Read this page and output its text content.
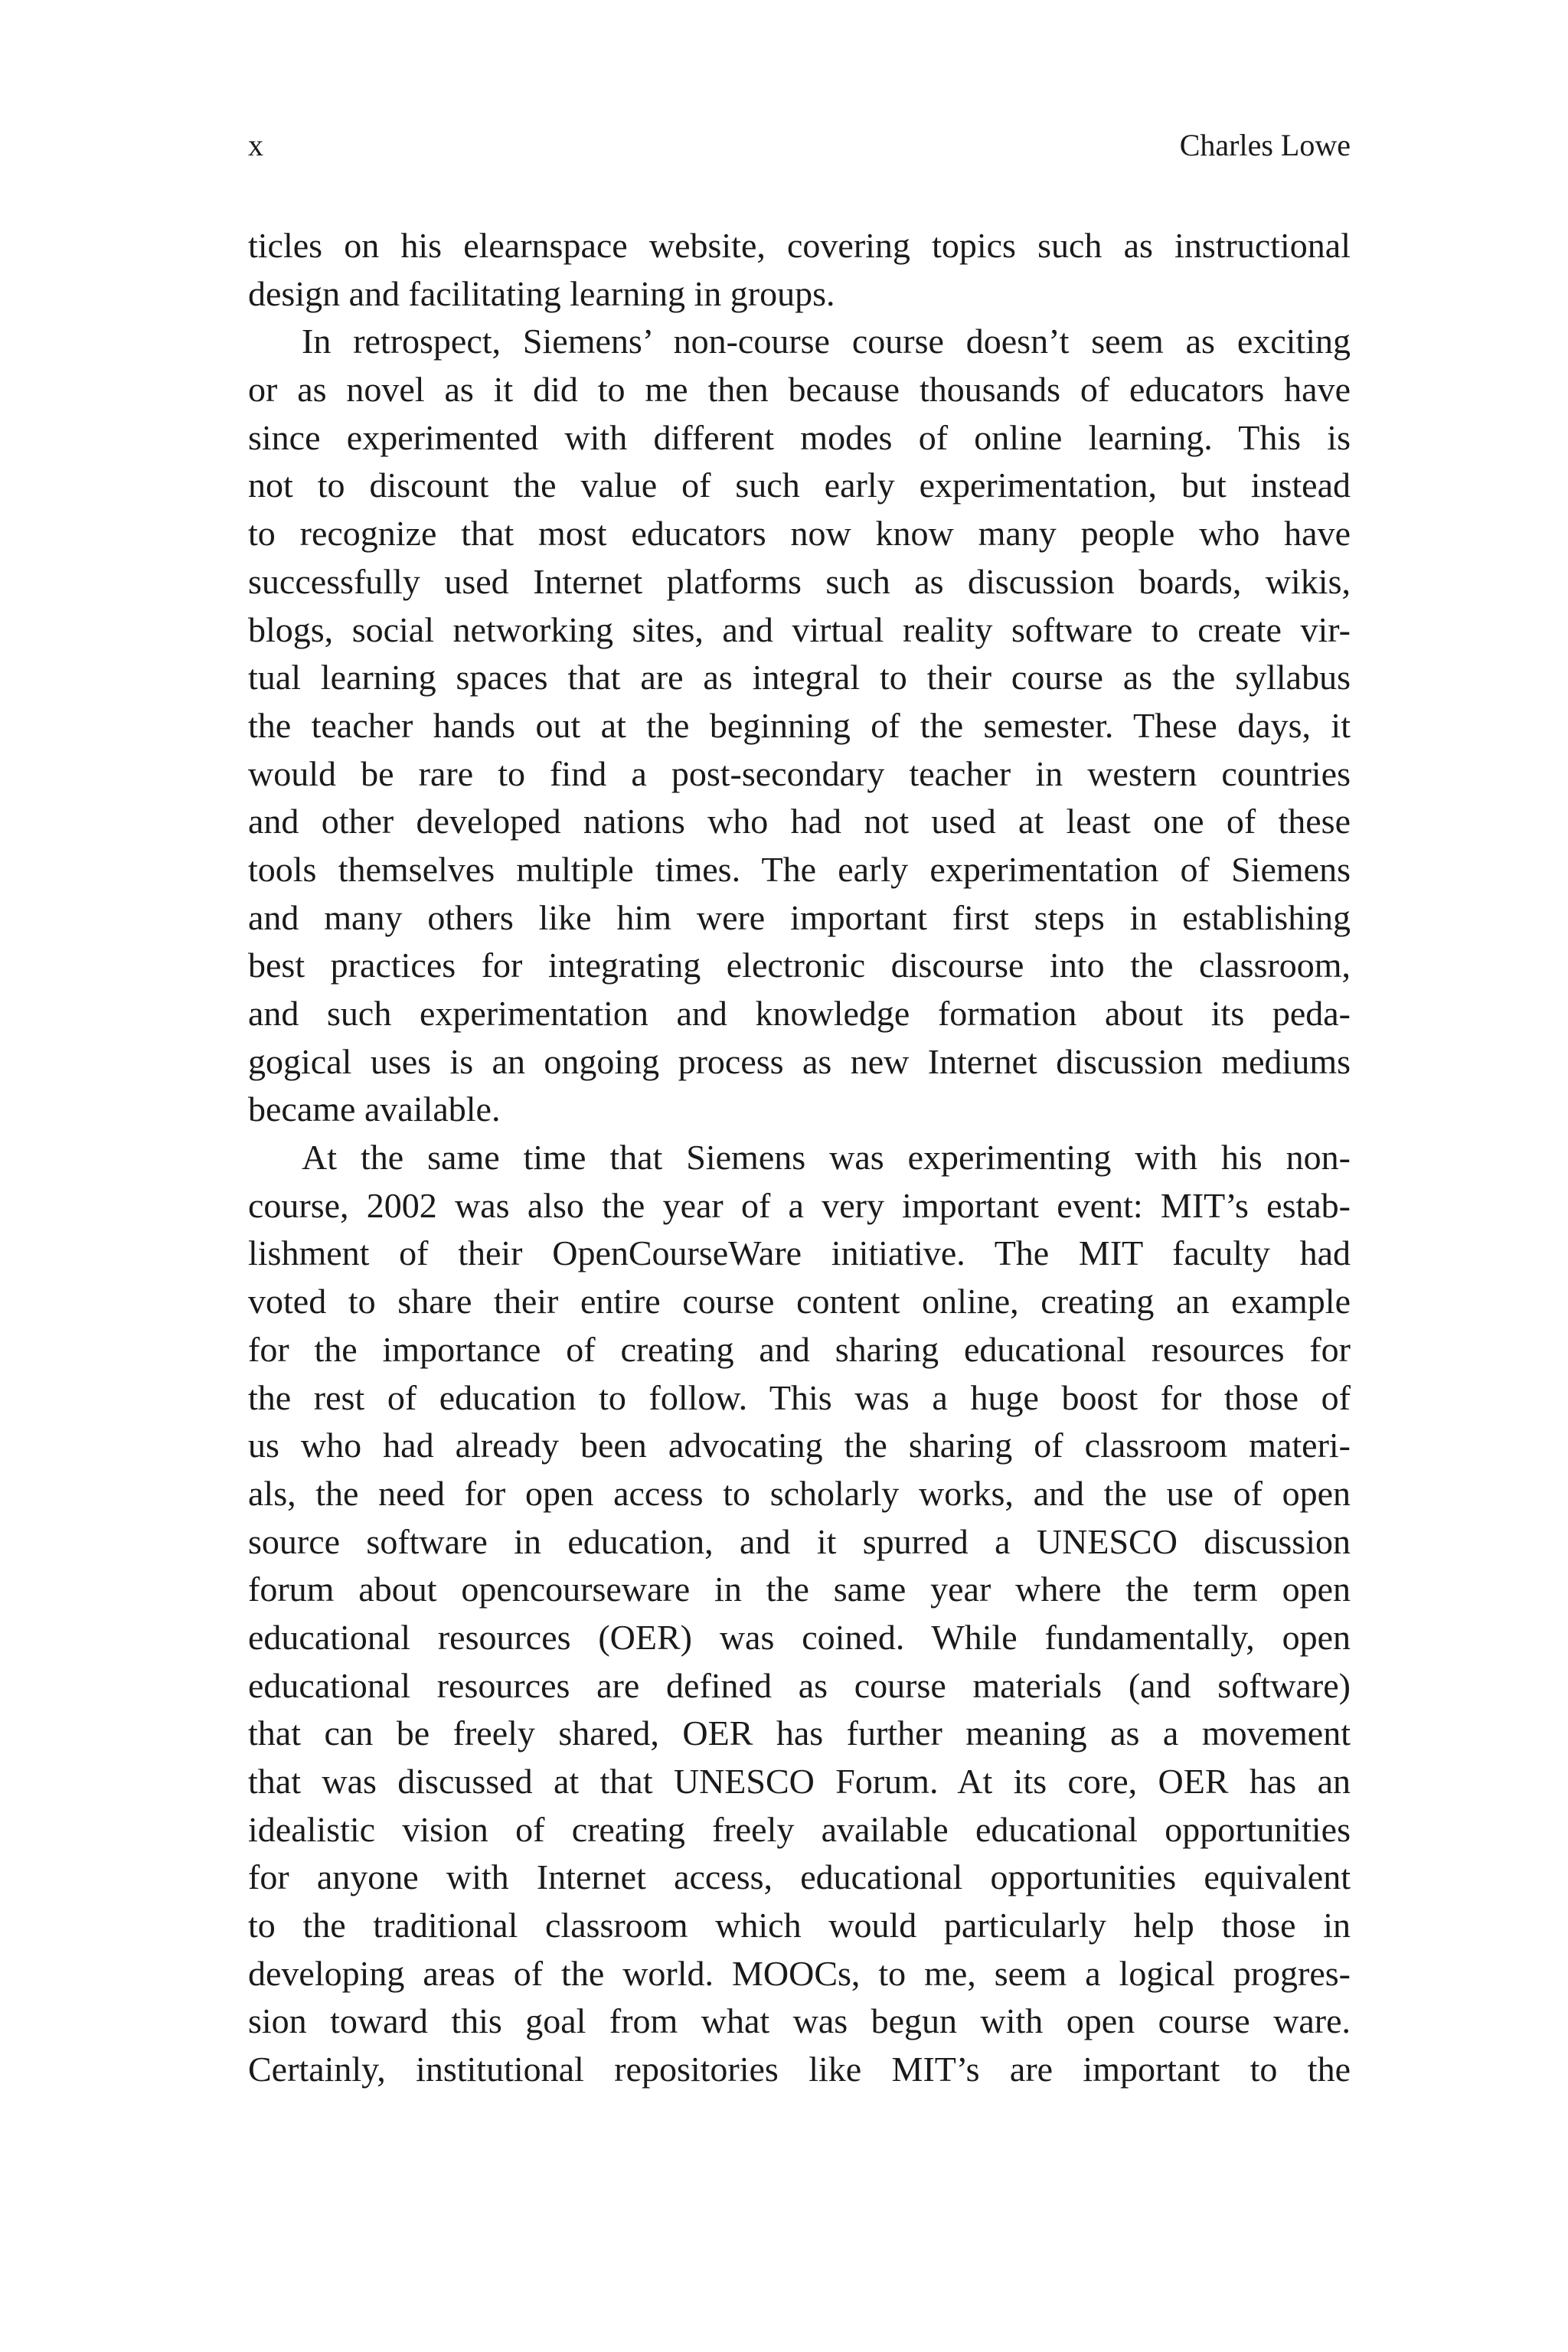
x	Charles Lowe
ticles on his elearnspace website, covering topics such as instructional
design and facilitating learning in groups.
In retrospect, Siemens’ non-course course doesn’t seem as exciting
or as novel as it did to me then because thousands of educators have
since experimented with different modes of online learning. This is
not to discount the value of such early experimentation, but instead
to recognize that most educators now know many people who have
successfully used Internet platforms such as discussion boards, wikis,
blogs, social networking sites, and virtual reality software to create vir-
tual learning spaces that are as integral to their course as the syllabus
the teacher hands out at the beginning of the semester. These days, it
would be rare to find a post-secondary teacher in western countries
and other developed nations who had not used at least one of these
tools themselves multiple times. The early experimentation of Siemens
and many others like him were important first steps in establishing
best practices for integrating electronic discourse into the classroom,
and such experimentation and knowledge formation about its peda-
gogical uses is an ongoing process as new Internet discussion mediums
became available.
At the same time that Siemens was experimenting with his non-
course, 2002 was also the year of a very important event: MIT’s estab-
lishment of their OpenCourseWare initiative. The MIT faculty had
voted to share their entire course content online, creating an example
for the importance of creating and sharing educational resources for
the rest of education to follow. This was a huge boost for those of
us who had already been advocating the sharing of classroom materi-
als, the need for open access to scholarly works, and the use of open
source software in education, and it spurred a UNESCO discussion
forum about opencourseware in the same year where the term open
educational resources (OER) was coined. While fundamentally, open
educational resources are defined as course materials (and software)
that can be freely shared, OER has further meaning as a movement
that was discussed at that UNESCO Forum. At its core, OER has an
idealistic vision of creating freely available educational opportunities
for anyone with Internet access, educational opportunities equivalent
to the traditional classroom which would particularly help those in
developing areas of the world. MOOCs, to me, seem a logical progres-
sion toward this goal from what was begun with open course ware.
Certainly, institutional repositories like MIT’s are important to the
